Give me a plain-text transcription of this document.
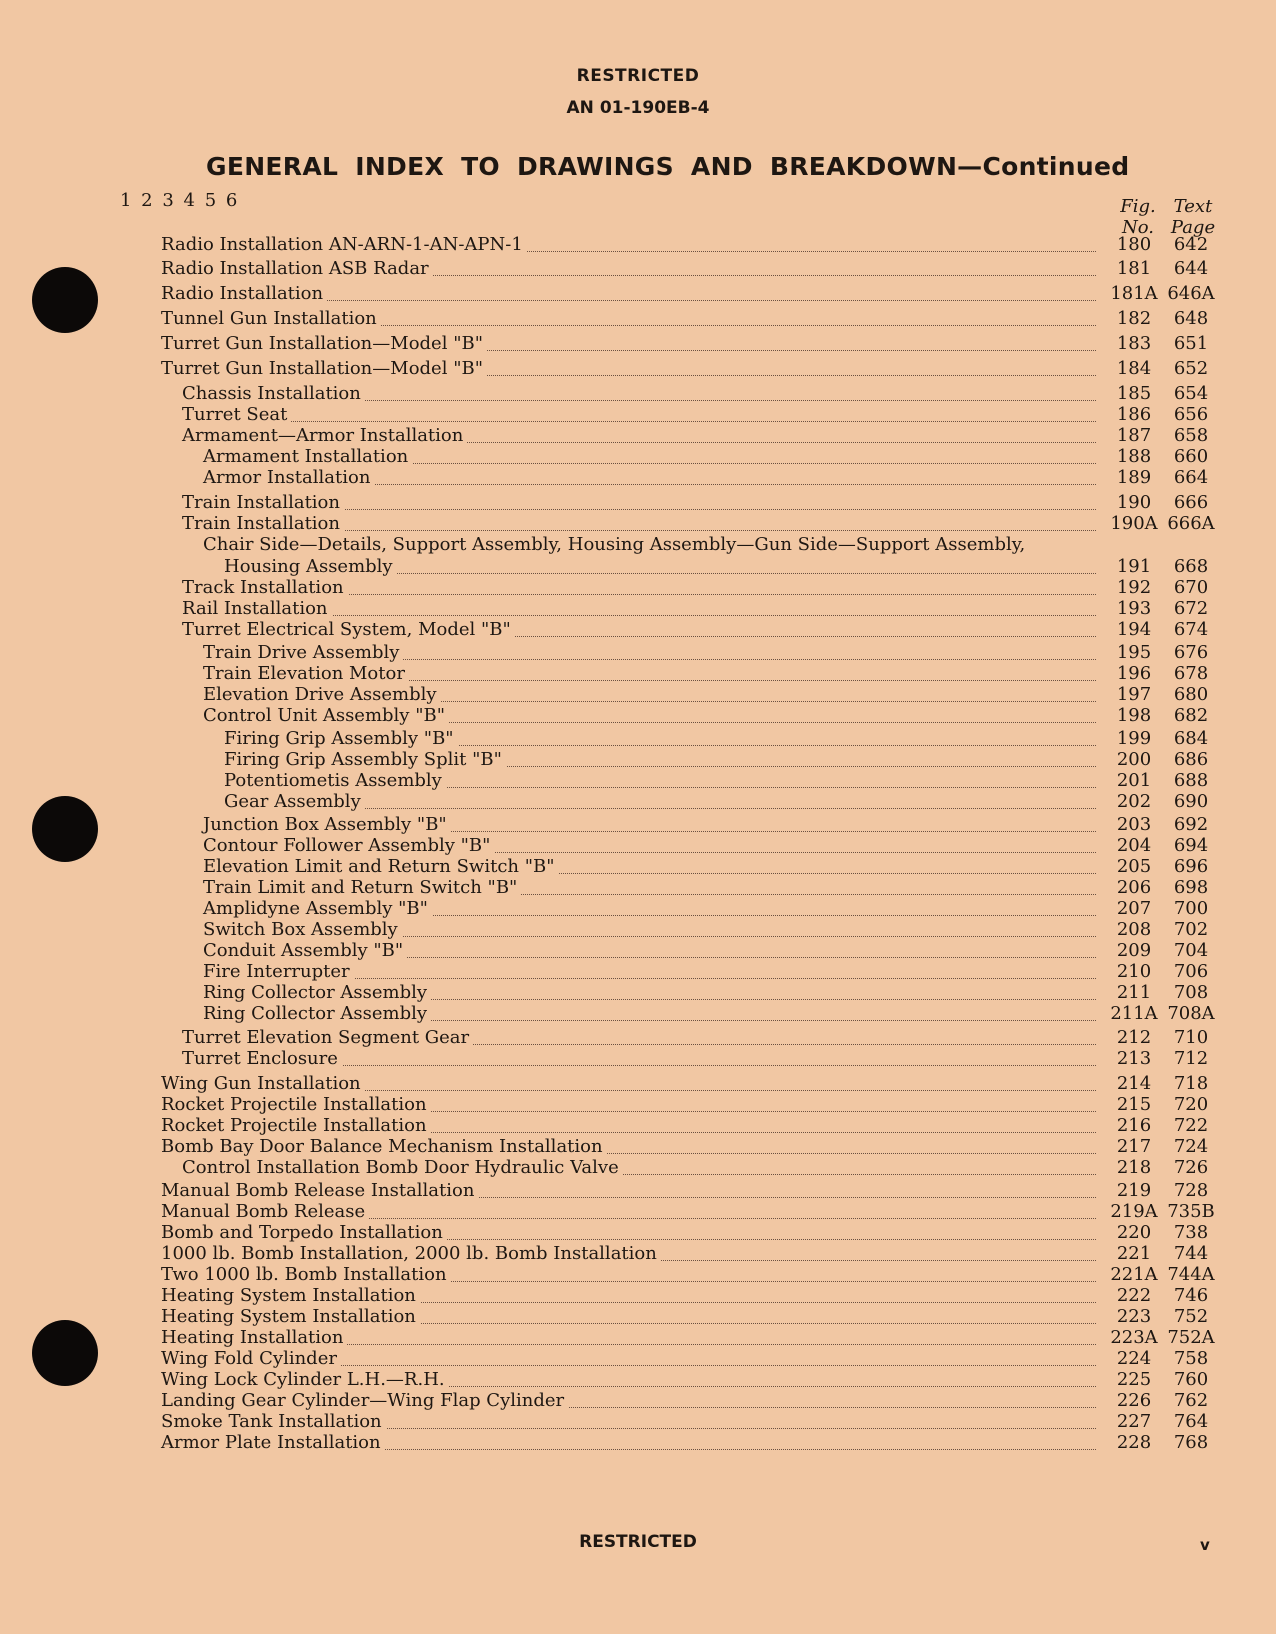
RESTRICTED
AN 01-190EB-4
GENERAL INDEX TO DRAWINGS AND BREAKDOWN—Continued
1 2 3 4 5 6	Fig.
No.
Text
Page
Radio Installation AN-ARN-1-AN-APN-1	180	642
Radio Installation ASB Radar	181	644
Radio Installation	181A 646A
Tunnel Gun Installation	182	648
Turret Gun Installation—Model "B"	183	651
Turret Gun Installation—Model "B"	184	652
Chassis Installation	185	654
Turret Seat	186	656
Armament—Armor Installation	187	658
Armament Installation	188	660
Armor Installation	189	664
Train Installation	190	666
Train Installation	190A 666A
Chair Side—Details, Support Assembly, Housing Assembly—Gun Side—Support Assembly,
Housing Assembly	191	668
Track Installation	192	670
Rail Installation	193	672
Turret Electrical System, Model "B"	194	674
Train Drive Assembly	195	676
Train Elevation Motor	196	678
Elevation Drive Assembly	197	680
Control Unit Assembly "B"	198	682
Firing Grip Assembly "B"	199	684
Firing Grip Assembly Split "B"	200	686
Potentiometis Assembly	201	688
Gear Assembly	202	690
Junction Box Assembly "B"	203	692
Contour Follower Assembly "B"	204	694
Elevation Limit and Return Switch "B"	205	696
Train Limit and Return Switch "B"	206	698
Amplidyne Assembly "B"	207	700
Switch Box Assembly	208	702
Conduit Assembly "B"	209	704
Fire Interrupter	210	706
Ring Collector Assembly	211	708
Ring Collector Assembly	211A 708A
Turret Elevation Segment Gear	212	710
Turret Enclosure	213	712
Wing Gun Installation	214	718
Rocket Projectile Installation	215	720
Rocket Projectile Installation	216	722
Bomb Bay Door Balance Mechanism Installation	217	724
Control Installation Bomb Door Hydraulic Valve	218	726
Manual Bomb Release Installation	219	728
Manual Bomb Release	219A 735B
Bomb and Torpedo Installation	220	738
1000 lb. Bomb Installation, 2000 lb. Bomb Installation	221	744
Two 1000 lb. Bomb Installation	221A 744A
Heating System Installation	222	746
Heating System Installation	223	752
Heating Installation	223A 752A
Wing Fold Cylinder	224	758
Wing Lock Cylinder L.H.—R.H.	225	760
Landing Gear Cylinder—Wing Flap Cylinder	226	762
Smoke Tank Installation	227	764
Armor Plate Installation	228	768
RESTRICTED	v
